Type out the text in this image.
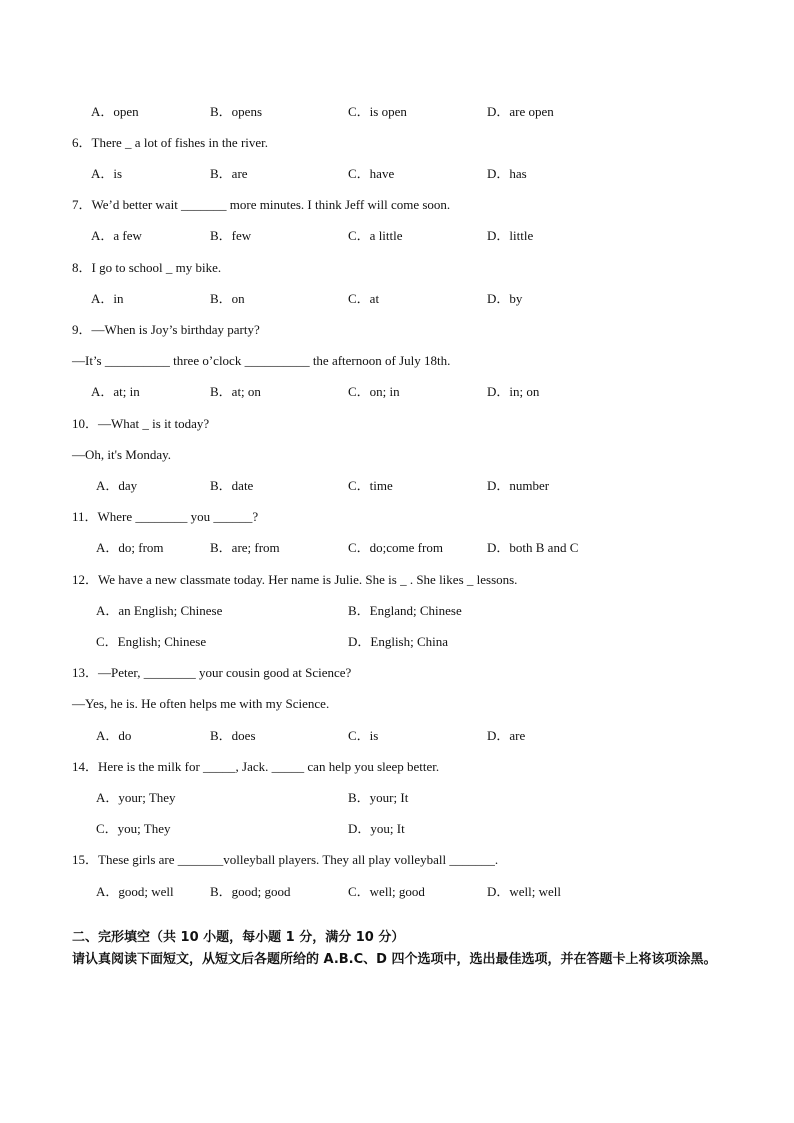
A．open	B．opens	C．is open	D．are open
6．There _ a lot of fishes in the river.
A．is	B．are	C．have	D．has
7．We’d better wait _______ more minutes. I think Jeff will come soon.
A．a few	B．few	C．a little	D．little
8．I go to school _ my bike.
A．in	B．on	C．at	D．by
9．—When is Joy’s birthday party?
—It’s __________ three o’clock __________ the afternoon of July 18th.
A．at; in	B．at; on	C．on; in	D．in; on
10．—What _ is it today?
—Oh, it's Monday.
A．day	B．date	C．time	D．number
11．Where ________ you ______?
A．do; from	B．are; from	C．do;come from	D．both B and C
12．We have a new classmate today. Her name is Julie. She is _ . She likes _ lessons.
A．an English; Chinese	B．England; Chinese
C．English; Chinese	D．English; China
13．—Peter, ________ your cousin good at Science?
—Yes, he is. He often helps me with my Science.
A．do	B．does	C．is	D．are
14．Here is the milk for _____, Jack. _____ can help you sleep better.
A．your; They	B．your; It
C．you; They	D．you; It
15．These girls are _______volleyball players. They all play volleyball _______.
A．good; well	B．good; good	C．well; good	D．well; well
二、完形填空（共 10 小题，每小题 1 分，满分 10 分）
请认真阅读下面短文，从短文后各题所给的 A.B.C、D 四个选项中，选出最佳选项，并在答题卡上将该项涂黑。
